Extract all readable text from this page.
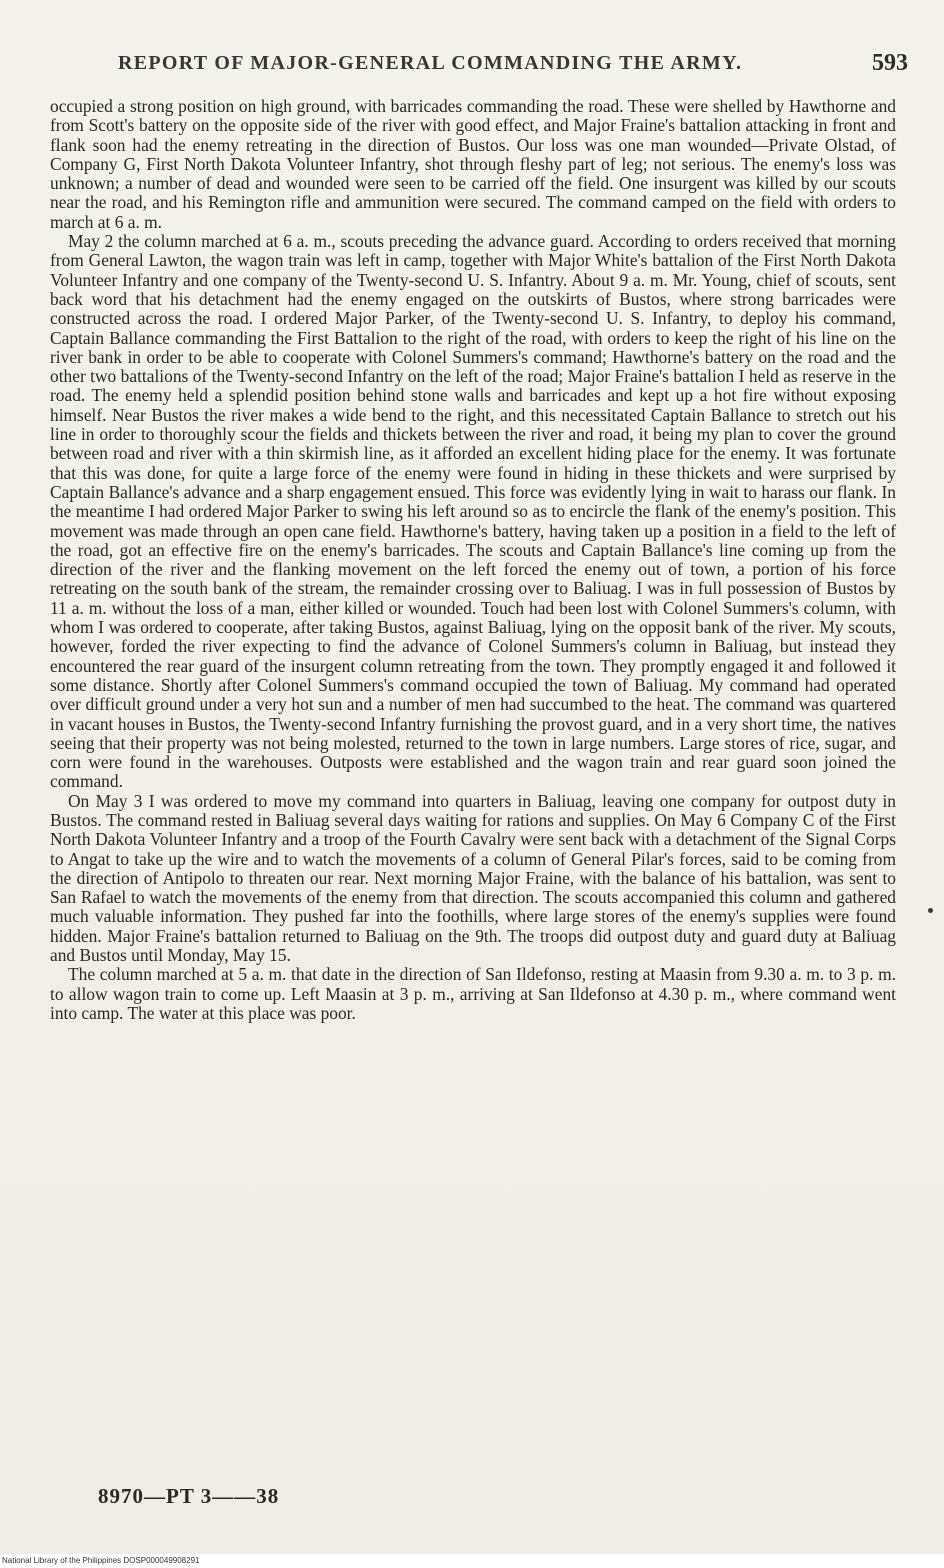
REPORT OF MAJOR-GENERAL COMMANDING THE ARMY.	593

occupied a strong position on high ground, with barricades commanding the road. These were shelled by Hawthorne and from Scott's battery on the opposite side of the river with good effect, and Major Fraine's battalion attacking in front and flank soon had the enemy retreating in the direction of Bustos. Our loss was one man wounded—Private Olstad, of Company G, First North Dakota Volunteer Infantry, shot through fleshy part of leg; not serious. The enemy's loss was unknown; a number of dead and wounded were seen to be carried off the field. One insurgent was killed by our scouts near the road, and his Remington rifle and ammunition were secured. The command camped on the field with orders to march at 6 a. m.

May 2 the column marched at 6 a. m., scouts preceding the advance guard. According to orders received that morning from General Lawton, the wagon train was left in camp, together with Major White's battalion of the First North Dakota Volunteer Infantry and one company of the Twenty-second U. S. Infantry. About 9 a. m. Mr. Young, chief of scouts, sent back word that his detachment had the enemy engaged on the outskirts of Bustos, where strong barricades were constructed across the road. I ordered Major Parker, of the Twenty-second U. S. Infantry, to deploy his command, Captain Ballance commanding the First Battalion to the right of the road, with orders to keep the right of his line on the river bank in order to be able to cooperate with Colonel Summers's command; Hawthorne's battery on the road and the other two battalions of the Twenty-second Infantry on the left of the road; Major Fraine's battalion I held as reserve in the road. The enemy held a splendid position behind stone walls and barricades and kept up a hot fire without exposing himself. Near Bustos the river makes a wide bend to the right, and this necessitated Captain Ballance to stretch out his line in order to thoroughly scour the fields and thickets between the river and road, it being my plan to cover the ground between road and river with a thin skirmish line, as it afforded an excellent hiding place for the enemy. It was fortunate that this was done, for quite a large force of the enemy were found in hiding in these thickets and were surprised by Captain Ballance's advance and a sharp engagement ensued. This force was evidently lying in wait to harass our flank. In the meantime I had ordered Major Parker to swing his left around so as to encircle the flank of the enemy's position. This movement was made through an open cane field. Hawthorne's battery, having taken up a position in a field to the left of the road, got an effective fire on the enemy's barricades. The scouts and Captain Ballance's line coming up from the direction of the river and the flanking movement on the left forced the enemy out of town, a portion of his force retreating on the south bank of the stream, the remainder crossing over to Baliuag. I was in full possession of Bustos by 11 a. m. without the loss of a man, either killed or wounded. Touch had been lost with Colonel Summers's column, with whom I was ordered to cooperate, after taking Bustos, against Baliuag, lying on the opposit bank of the river. My scouts, however, forded the river expecting to find the advance of Colonel Summers's column in Baliuag, but instead they encountered the rear guard of the insurgent column retreating from the town. They promptly engaged it and followed it some distance. Shortly after Colonel Summers's command occupied the town of Baliuag. My command had operated over difficult ground under a very hot sun and a number of men had succumbed to the heat. The command was quartered in vacant houses in Bustos, the Twenty-second Infantry furnishing the provost guard, and in a very short time, the natives seeing that their property was not being molested, returned to the town in large numbers. Large stores of rice, sugar, and corn were found in the warehouses. Outposts were established and the wagon train and rear guard soon joined the command.

On May 3 I was ordered to move my command into quarters in Baliuag, leaving one company for outpost duty in Bustos. The command rested in Baliuag several days waiting for rations and supplies. On May 6 Company C of the First North Dakota Volunteer Infantry and a troop of the Fourth Cavalry were sent back with a detachment of the Signal Corps to Angat to take up the wire and to watch the movements of a column of General Pilar's forces, said to be coming from the direction of Antipolo to threaten our rear. Next morning Major Fraine, with the balance of his battalion, was sent to San Rafael to watch the movements of the enemy from that direction. The scouts accompanied this column and gathered much valuable information. They pushed far into the foothills, where large stores of the enemy's supplies were found hidden. Major Fraine's battalion returned to Baliuag on the 9th. The troops did outpost duty and guard duty at Baliuag and Bustos until Monday, May 15.

The column marched at 5 a. m. that date in the direction of San Ildefonso, resting at Maasin from 9.30 a. m. to 3 p. m. to allow wagon train to come up. Left Maasin at 3 p. m., arriving at San Ildefonso at 4.30 p. m., where command went into camp. The water at this place was poor.

8970—PT 3——38
National Library of the Philippines DOSP000049908291
